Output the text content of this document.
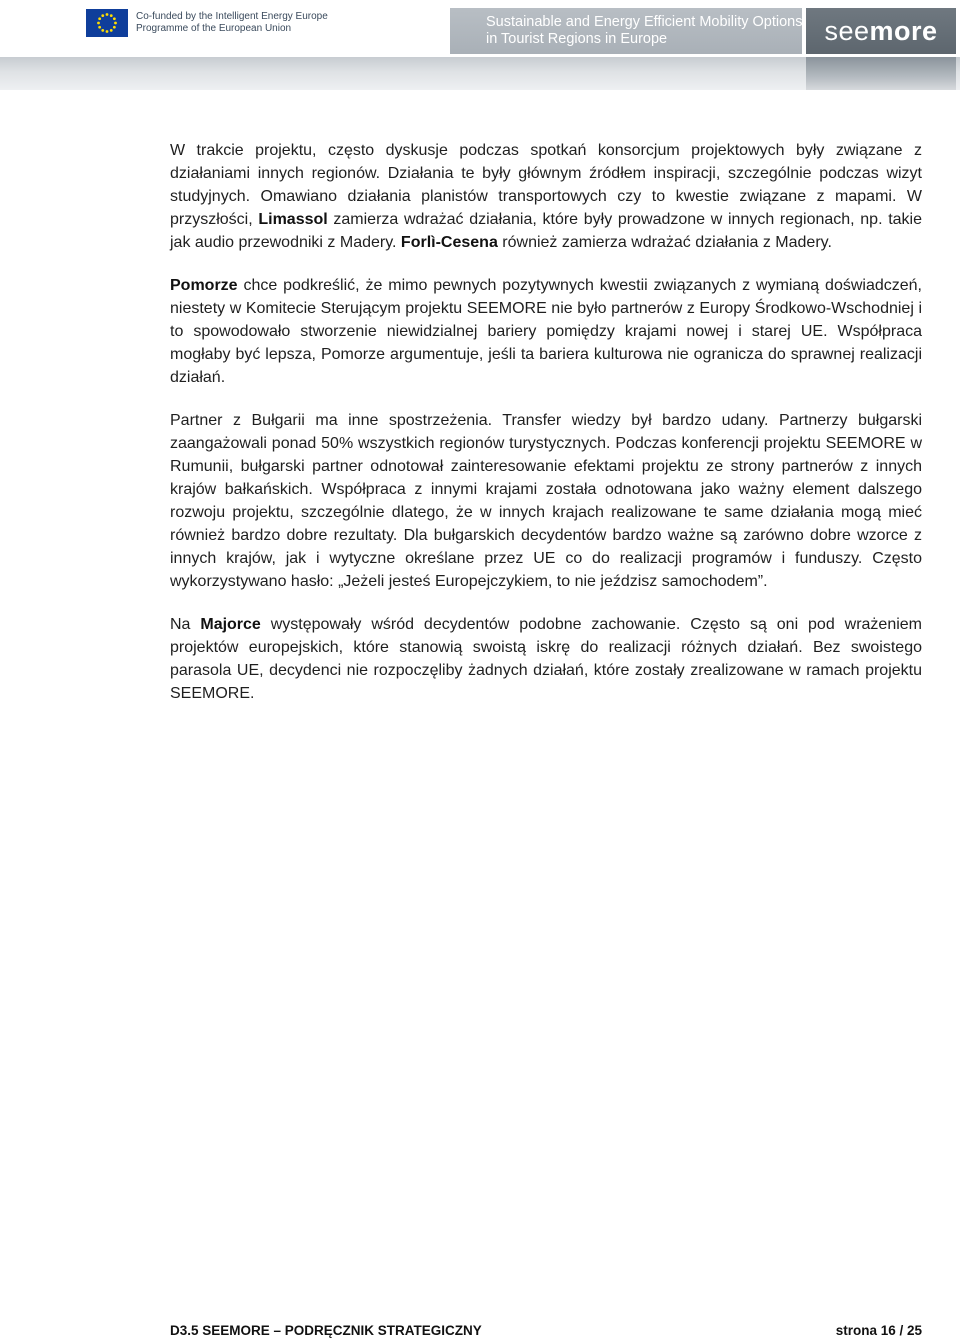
Co-funded by the Intelligent Energy Europe
Programme of the European Union	Sustainable and Energy Efficient Mobility Options
in Tourist Regions in Europe	seemore

W trakcie projektu, często dyskusje podczas spotkań konsorcjum projektowych były związane z działaniami innych regionów. Działania te były głównym źródłem inspiracji, szczególnie podczas wizyt studyjnych. Omawiano działania planistów transportowych czy to kwestie związane z mapami. W przyszłości, Limassol zamierza wdrażać działania, które były prowadzone w innych regionach, np. takie jak audio przewodniki z Madery. Forlì-Cesena również zamierza wdrażać działania z Madery.

Pomorze chce podkreślić, że mimo pewnych pozytywnych kwestii związanych z wymianą doświadczeń, niestety w Komitecie Sterującym projektu SEEMORE nie było partnerów z Europy Środkowo-Wschodniej i to spowodowało stworzenie niewidzialnej bariery pomiędzy krajami nowej i starej UE. Współpraca mogłaby być lepsza, Pomorze argumentuje, jeśli ta bariera kulturowa nie ogranicza do sprawnej realizacji działań.

Partner z Bułgarii ma inne spostrzeżenia. Transfer wiedzy był bardzo udany. Partnerzy bułgarski zaangażowali ponad 50% wszystkich regionów turystycznych. Podczas konferencji projektu SEEMORE w Rumunii, bułgarski partner odnotował zainteresowanie efektami projektu ze strony partnerów z innych krajów bałkańskich. Współpraca z innymi krajami została odnotowana jako ważny element dalszego rozwoju projektu, szczególnie dlatego, że w innych krajach realizowane te same działania mogą mieć również bardzo dobre rezultaty. Dla bułgarskich decydentów bardzo ważne są zarówno dobre wzorce z innych krajów, jak i wytyczne określane przez UE co do realizacji programów i funduszy. Często wykorzystywano hasło: „Jeżeli jesteś Europejczykiem, to nie jeździsz samochodem”.

Na Majorce występowały wśród decydentów podobne zachowanie. Często są oni pod wrażeniem projektów europejskich, które stanowią swoistą iskrę do realizacji różnych działań. Bez swoistego parasola UE, decydenci nie rozpoczęliby żadnych działań, które zostały zrealizowane w ramach projektu SEEMORE.

D3.5 SEEMORE – PODRĘCZNIK STRATEGICZNY	strona 16 / 25
